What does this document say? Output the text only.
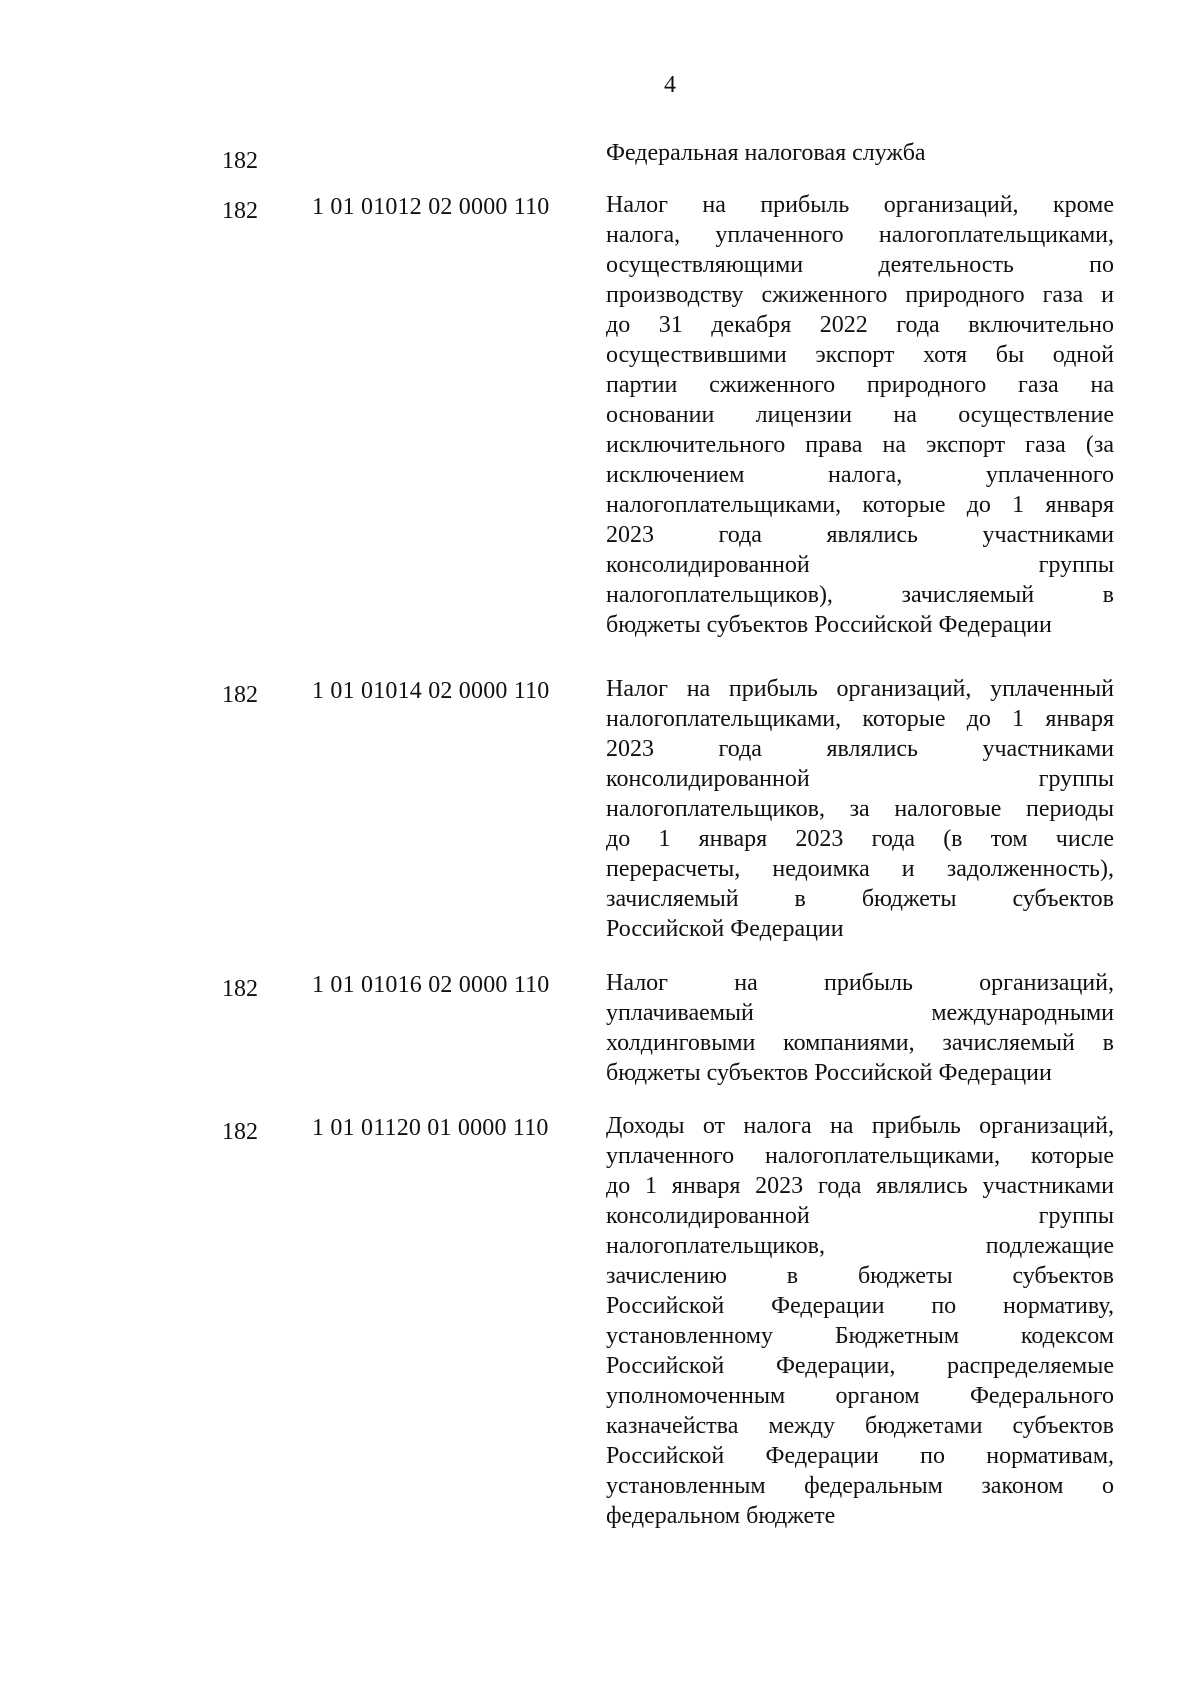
4
182	Федеральная налоговая служба
182 1 01 01012 02 0000 110 Налог на прибыль организаций, кроме
налога, уплаченного налогоплательщиками,
осуществляющими деятельность по
производству сжиженного природного газа и
до 31 декабря 2022 года включительно
осуществившими экспорт хотя бы одной
партии сжиженного природного газа на
основании лицензии на осуществление
исключительного права на экспорт газа (за
исключением налога, уплаченного
налогоплательщиками, которые до 1 января
2023 года являлись участниками
консолидированной группы
налогоплательщиков), зачисляемый в
бюджеты субъектов Российской Федерации
182 1 01 01014 02 0000 110 Налог на прибыль организаций, уплаченный
налогоплательщиками, которые до 1 января
2023 года являлись участниками
консолидированной группы
налогоплательщиков, за налоговые периоды
до 1 января 2023 года (в том числе
перерасчеты, недоимка и задолженность),
зачисляемый в бюджеты субъектов
Российской Федерации
182 1 01 01016 02 0000 110 Налог на прибыль организаций,
уплачиваемый международными
холдинговыми компаниями, зачисляемый в
бюджеты субъектов Российской Федерации
182 1 01 01120 01 0000 110 Доходы от налога на прибыль организаций,
уплаченного налогоплательщиками, которые
до 1 января 2023 года являлись участниками
консолидированной группы
налогоплательщиков, подлежащие
зачислению в бюджеты субъектов
Российской Федерации по нормативу,
установленному Бюджетным кодексом
Российской Федерации, распределяемые
уполномоченным органом Федерального
казначейства между бюджетами субъектов
Российской Федерации по нормативам,
установленным федеральным законом о
федеральном бюджете
